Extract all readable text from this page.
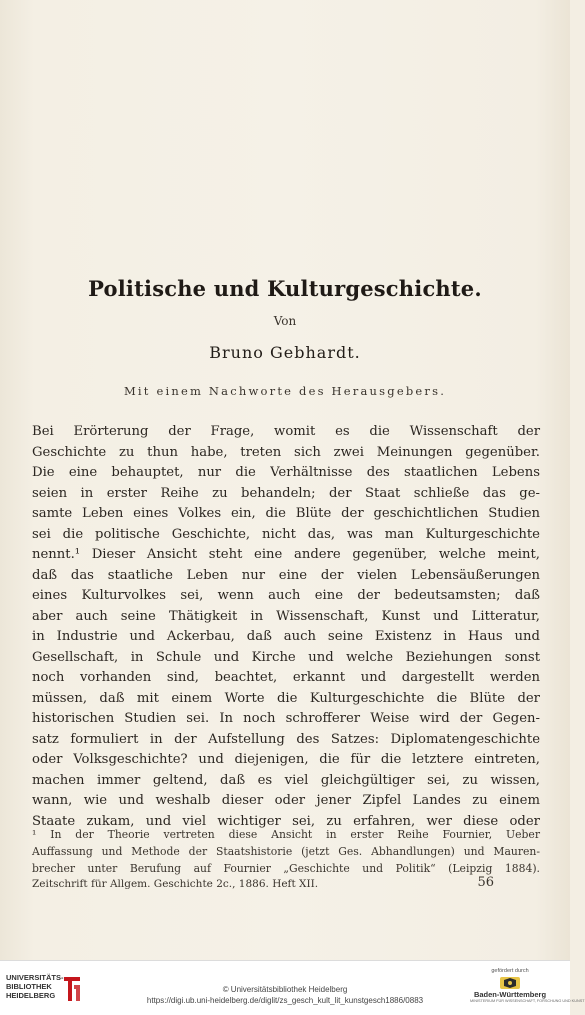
Politische und Kulturgeschichte.
Von
Bruno Gebhardt.
Mit einem Nachworte des Herausgebers.
Bei Erörterung der Frage, womit es die Wissenschaft der
Geschichte zu thun habe, treten sich zwei Meinungen gegenüber.
Die eine behauptet, nur die Verhältnisse des staatlichen Lebens
seien in erster Reihe zu behandeln; der Staat schließe das ge-
samte Leben eines Volkes ein, die Blüte der geschichtlichen Studien
sei die politische Geschichte, nicht das, was man Kulturgeschichte
nennt.¹ Dieser Ansicht steht eine andere gegenüber, welche meint,
daß das staatliche Leben nur eine der vielen Lebensäußerungen
eines Kulturvolkes sei, wenn auch eine der bedeutsamsten; daß
aber auch seine Thätigkeit in Wissenschaft, Kunst und Litteratur,
in Industrie und Ackerbau, daß auch seine Existenz in Haus und
Gesellschaft, in Schule und Kirche und welche Beziehungen sonst
noch vorhanden sind, beachtet, erkannt und dargestellt werden
müssen, daß mit einem Worte die Kulturgeschichte die Blüte der
historischen Studien sei. In noch schrofferer Weise wird der Gegen-
satz formuliert in der Aufstellung des Satzes: Diplomatengeschichte
oder Volksgeschichte? und diejenigen, die für die letztere eintreten,
machen immer geltend, daß es viel gleichgültiger sei, zu wissen,
wann, wie und weshalb dieser oder jener Zipfel Landes zu einem
Staate zukam, und viel wichtiger sei, zu erfahren, wer diese oder
¹ In der Theorie vertreten diese Ansicht in erster Reihe Fournier, Ueber
Auffassung und Methode der Staatshistorie (jetzt Ges. Abhandlungen) und Mauren-
brecher unter Berufung auf Fournier „Geschichte und Politik“ (Leipzig 1884).
Zeitschrift für Allgem. Geschichte 2c., 1886. Heft XII.	56
UNIVERSITÄTS-
BIBLIOTHEK
HEIDELBERG
© Universitätsbibliothek Heidelberg
https://digi.ub.uni-heidelberg.de/diglit/zs_gesch_kult_lit_kunstgesch1886/0883
gefördert durch
Baden-Württemberg
MINISTERIUM FÜR WISSENSCHAFT, FORSCHUNG UND KUNST
